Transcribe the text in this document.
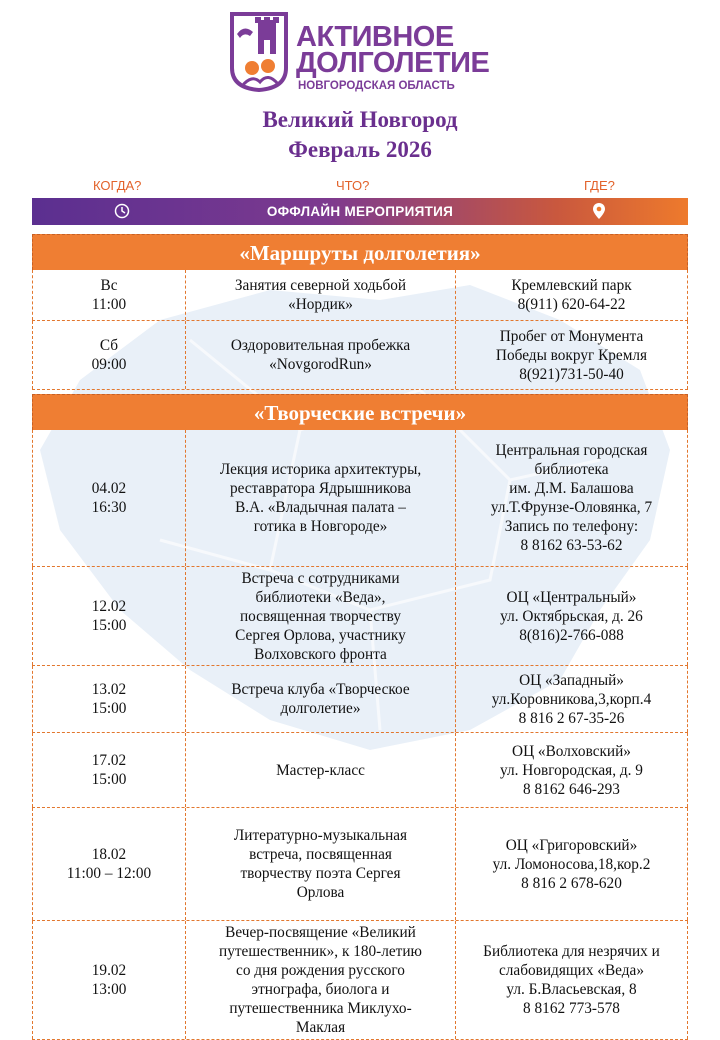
АКТИВНОЕ
ДОЛГОЛЕТИЕ
НОВГОРОДСКАЯ ОБЛАСТЬ
Великий Новгород
Февраль 2026
КОГДА?	ЧТО?	ГДЕ?
ОФФЛАЙН МЕРОПРИЯТИЯ
«Маршруты долголетия»
Вс
11:00
Занятия северной ходьбой
«Нордик»
Кремлевский парк
8(911) 620-64-22
Сб
09:00
Оздоровительная пробежка
«NovgorodRun»
Пробег от Монумента
Победы вокруг Кремля
8(921)731-50-40
«Творческие встречи»
04.02
16:30
Лекция историка архитектуры,
реставратора Ядрышникова
В.А. «Владычная палата –
готика в Новгороде»
Центральная городская
библиотека
им. Д.М. Балашова
ул.Т.Фрунзе-Оловянка, 7
Запись по телефону:
8 8162 63-53-62
12.02
15:00
Встреча с сотрудниками
библиотеки «Веда»,
посвященная творчеству
Сергея Орлова, участнику
Волховского фронта
ОЦ «Центральный»
ул. Октябрьская, д. 26
8(816)2-766-088
13.02
15:00
Встреча клуба «Творческое
долголетие»
ОЦ «Западный»
ул.Коровникова,3,корп.4
8 816 2 67-35-26
17.02
15:00
Мастер-класс
ОЦ «Волховский»
ул. Новгородская, д. 9
8 8162 646-293
18.02
11:00 – 12:00
Литературно-музыкальная
встреча, посвященная
творчеству поэта Сергея
Орлова
ОЦ «Григоровский»
ул. Ломоносова,18,кор.2
8 816 2 678-620
19.02
13:00
Вечер-посвящение «Великий
путешественник», к 180-летию
со дня рождения русского
этнографа, биолога и
путешественника Миклухо-
Маклая
Библиотека для незрячих и
слабовидящих «Веда»
ул. Б.Власьевская, 8
8 8162 773-578
